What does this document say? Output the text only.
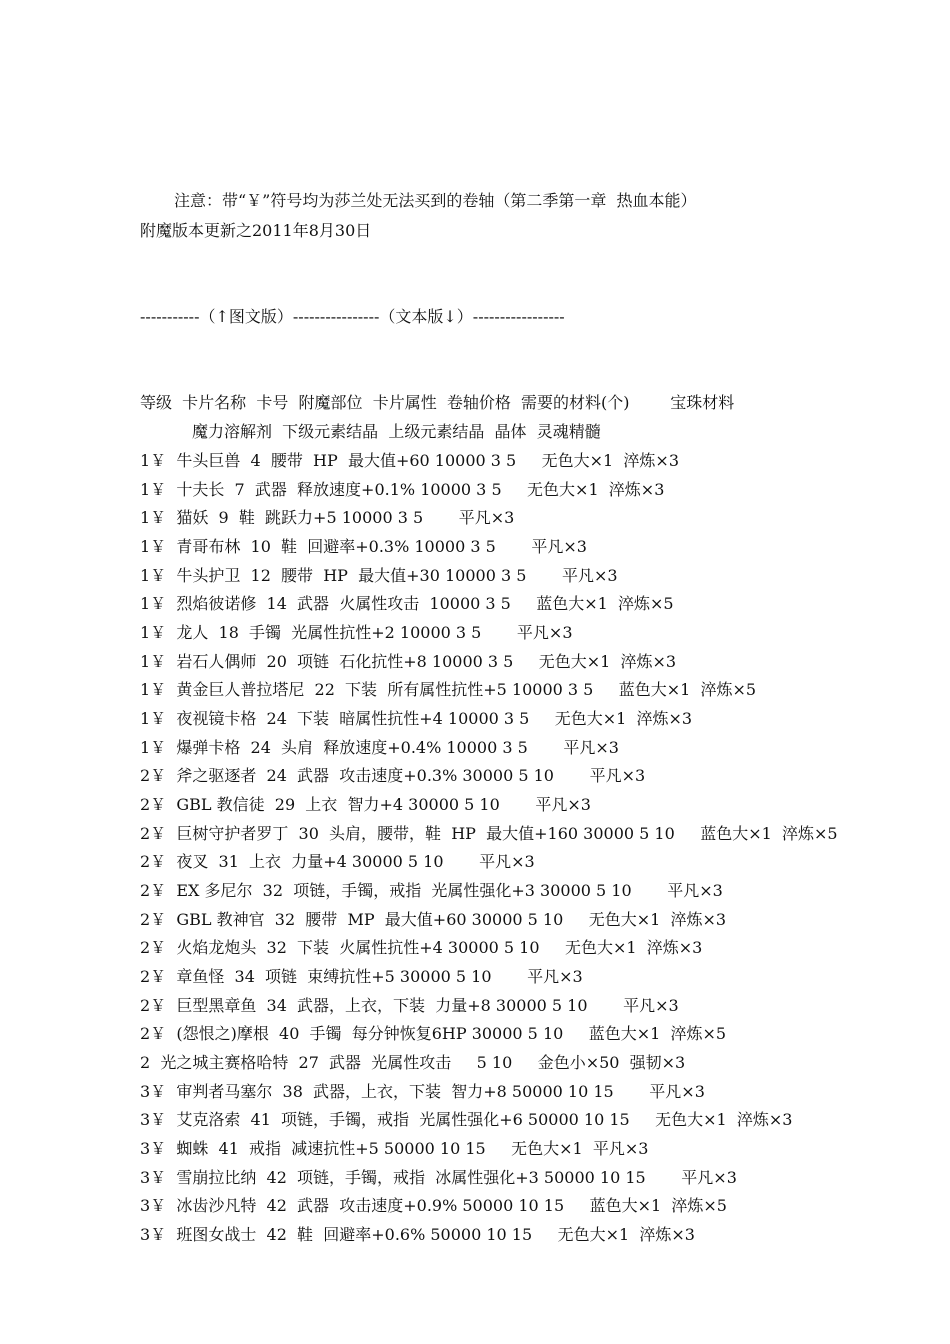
注意：带“￥”符号均为莎兰处无法买到的卷轴（第二季第一章  热血本能）
附魔版本更新之2011年8月30日
-----------（↑图文版）----------------（文本版↓）-----------------
等级  卡片名称  卡号  附魔部位  卡片属性  卷轴价格  需要的材料(个)        宝珠材料
魔力溶解剂  下级元素结晶  上级元素结晶  晶体  灵魂精髓
1￥  牛头巨兽  4  腰带  HP  最大值+60 10000 3 5     无色大×1  淬炼×3
1￥  十夫长  7  武器  释放速度+0.1% 10000 3 5     无色大×1  淬炼×3
1￥  猫妖  9  鞋  跳跃力+5 10000 3 5       平凡×3
1￥  青哥布林  10  鞋  回避率+0.3% 10000 3 5       平凡×3
1￥  牛头护卫  12  腰带  HP  最大值+30 10000 3 5       平凡×3
1￥  烈焰彼诺修  14  武器  火属性攻击  10000 3 5     蓝色大×1  淬炼×5
1￥  龙人  18  手镯  光属性抗性+2 10000 3 5       平凡×3
1￥  岩石人偶师  20  项链  石化抗性+8 10000 3 5     无色大×1  淬炼×3
1￥  黄金巨人普拉塔尼  22  下装  所有属性抗性+5 10000 3 5     蓝色大×1  淬炼×5
1￥  夜视镜卡格  24  下装  暗属性抗性+4 10000 3 5     无色大×1  淬炼×3
1￥  爆弹卡格  24  头肩  释放速度+0.4% 10000 3 5       平凡×3
2￥  斧之驱逐者  24  武器  攻击速度+0.3% 30000 5 10       平凡×3
2￥  GBL 教信徒  29  上衣  智力+4 30000 5 10       平凡×3
2￥  巨树守护者罗丁  30  头肩，腰带，鞋  HP  最大值+160 30000 5 10     蓝色大×1  淬炼×5
2￥  夜叉  31  上衣  力量+4 30000 5 10       平凡×3
2￥  EX 多尼尔  32  项链，手镯，戒指  光属性强化+3 30000 5 10       平凡×3
2￥  GBL 教神官  32  腰带  MP  最大值+60 30000 5 10     无色大×1  淬炼×3
2￥  火焰龙炮头  32  下装  火属性抗性+4 30000 5 10     无色大×1  淬炼×3
2￥  章鱼怪  34  项链  束缚抗性+5 30000 5 10       平凡×3
2￥  巨型黑章鱼  34  武器，上衣，下装  力量+8 30000 5 10       平凡×3
2￥  (怨恨之)摩根  40  手镯  每分钟恢复6HP 30000 5 10     蓝色大×1  淬炼×5
2  光之城主赛格哈特  27  武器  光属性攻击     5 10     金色小×50  强韧×3
3￥  审判者马塞尔  38  武器，上衣，下装  智力+8 50000 10 15       平凡×3
3￥  艾克洛索  41  项链，手镯，戒指  光属性强化+6 50000 10 15     无色大×1  淬炼×3
3￥  蜘蛛  41  戒指  减速抗性+5 50000 10 15     无色大×1  平凡×3
3￥  雪崩拉比纳  42  项链，手镯，戒指  冰属性强化+3 50000 10 15       平凡×3
3￥  冰齿沙凡特  42  武器  攻击速度+0.9% 50000 10 15     蓝色大×1  淬炼×5
3￥  班图女战士  42  鞋  回避率+0.6% 50000 10 15     无色大×1  淬炼×3
